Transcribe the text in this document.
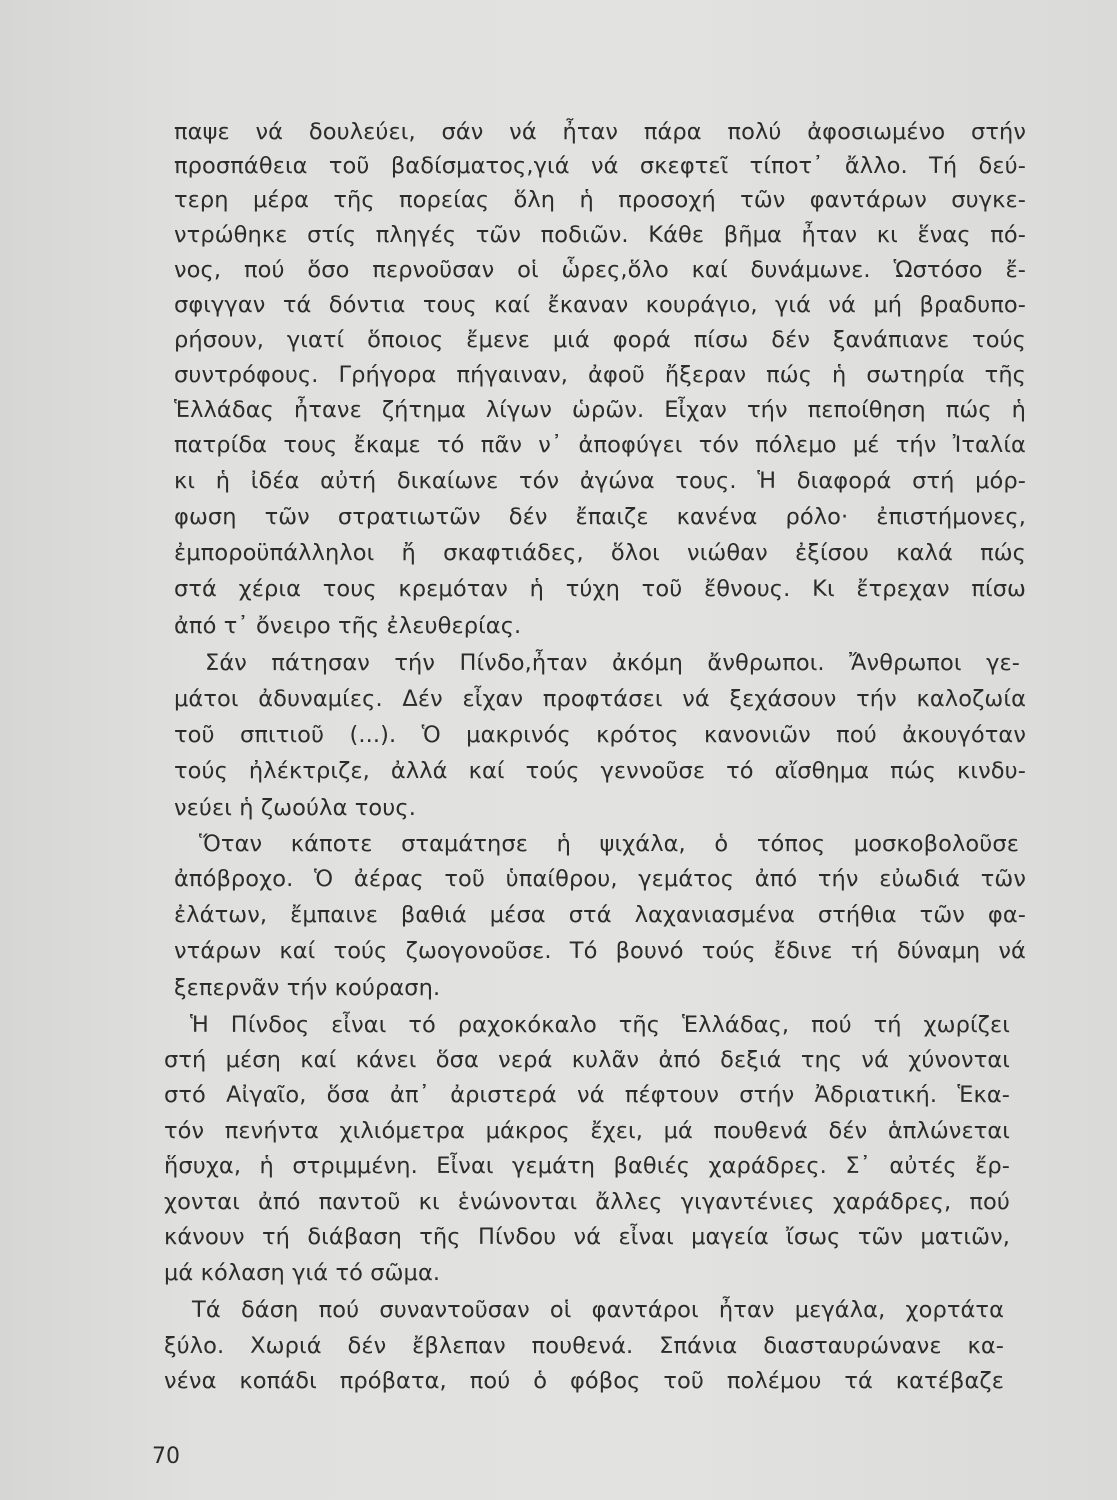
παψε νά δουλεύει, σάν νά ἦταν πάρα πολύ ἀφοσιωμένο στήν
προσπάθεια τοῦ βαδίσματος,γιά νά σκεφτεῖ τίποτ᾿ ἄλλο. Τή δεύ-
τερη μέρα τῆς πορείας ὅλη ἡ προσοχή τῶν φαντάρων συγκε-
ντρώθηκε στίς πληγές τῶν ποδιῶν. Κάθε βῆμα ἦταν κι ἕνας πό-
νος, πού ὅσο περνοῦσαν οἱ ὧρες,ὅλο καί δυνάμωνε. Ὡστόσο ἔ-
σφιγγαν τά δόντια τους καί ἔκαναν κουράγιο, γιά νά μή βραδυπο-
ρήσουν, γιατί ὅποιος ἔμενε μιά φορά πίσω δέν ξανάπιανε τούς
συντρόφους. Γρήγορα πήγαιναν, ἀφοῦ ἤξεραν πώς ἡ σωτηρία τῆς
Ἑλλάδας ἦτανε ζήτημα λίγων ὡρῶν. Εἶχαν τήν πεποίθηση πώς ἡ
πατρίδα τους ἔκαμε τό πᾶν ν᾿ ἀποφύγει τόν πόλεμο μέ τήν Ἰταλία
κι ἡ ἰδέα αὐτή δικαίωνε τόν ἀγώνα τους. Ἡ διαφορά στή μόρ-
φωση τῶν στρατιωτῶν δέν ἔπαιζε κανένα ρόλο· ἐπιστήμονες,
ἐμποροϋπάλληλοι ἤ σκαφτιάδες, ὅλοι νιώθαν ἐξίσου καλά πώς
στά χέρια τους κρεμόταν ἡ τύχη τοῦ ἔθνους. Κι ἔτρεχαν πίσω
ἀπό τ᾿ ὄνειρο τῆς ἐλευθερίας.
Σάν πάτησαν τήν Πίνδο,ἦταν ἀκόμη ἄνθρωποι. Ἄνθρωποι γε-
μάτοι ἀδυναμίες. Δέν εἶχαν προφτάσει νά ξεχάσουν τήν καλοζωία
τοῦ σπιτιοῦ (...). Ὁ μακρινός κρότος κανονιῶν πού ἀκουγόταν
τούς ἠλέκτριζε, ἀλλά καί τούς γεννοῦσε τό αἴσθημα πώς κινδυ-
νεύει ἡ ζωούλα τους.
Ὅταν κάποτε σταμάτησε ἡ ψιχάλα, ὁ τόπος μοσκοβολοῦσε
ἀπόβροχο. Ὁ ἀέρας τοῦ ὑπαίθρου, γεμάτος ἀπό τήν εὐωδιά τῶν
ἐλάτων, ἔμπαινε βαθιά μέσα στά λαχανιασμένα στήθια τῶν φα-
ντάρων καί τούς ζωογονοῦσε. Τό βουνό τούς ἔδινε τή δύναμη νά
ξεπερνᾶν τήν κούραση.
Ἡ Πίνδος εἶναι τό ραχοκόκαλο τῆς Ἑλλάδας, πού τή χωρίζει
στή μέση καί κάνει ὅσα νερά κυλᾶν ἀπό δεξιά της νά χύνονται
στό Αἰγαῖο, ὅσα ἀπ᾿ ἀριστερά νά πέφτουν στήν Ἀδριατική. Ἑκα-
τόν πενήντα χιλιόμετρα μάκρος ἔχει, μά πουθενά δέν ἁπλώνεται
ἥσυχα, ἡ στριμμένη. Εἶναι γεμάτη βαθιές χαράδρες. Σ᾿ αὐτές ἔρ-
χονται ἀπό παντοῦ κι ἑνώνονται ἄλλες γιγαντένιες χαράδρες, πού
κάνουν τή διάβαση τῆς Πίνδου νά εἶναι μαγεία ἴσως τῶν ματιῶν,
μά κόλαση γιά τό σῶμα.
Τά δάση πού συναντοῦσαν οἱ φαντάροι ἦταν μεγάλα, χορτάτα
ξύλο. Χωριά δέν ἔβλεπαν πουθενά. Σπάνια διασταυρώνανε κα-
νένα κοπάδι πρόβατα, πού ὁ φόβος τοῦ πολέμου τά κατέβαζε
70
